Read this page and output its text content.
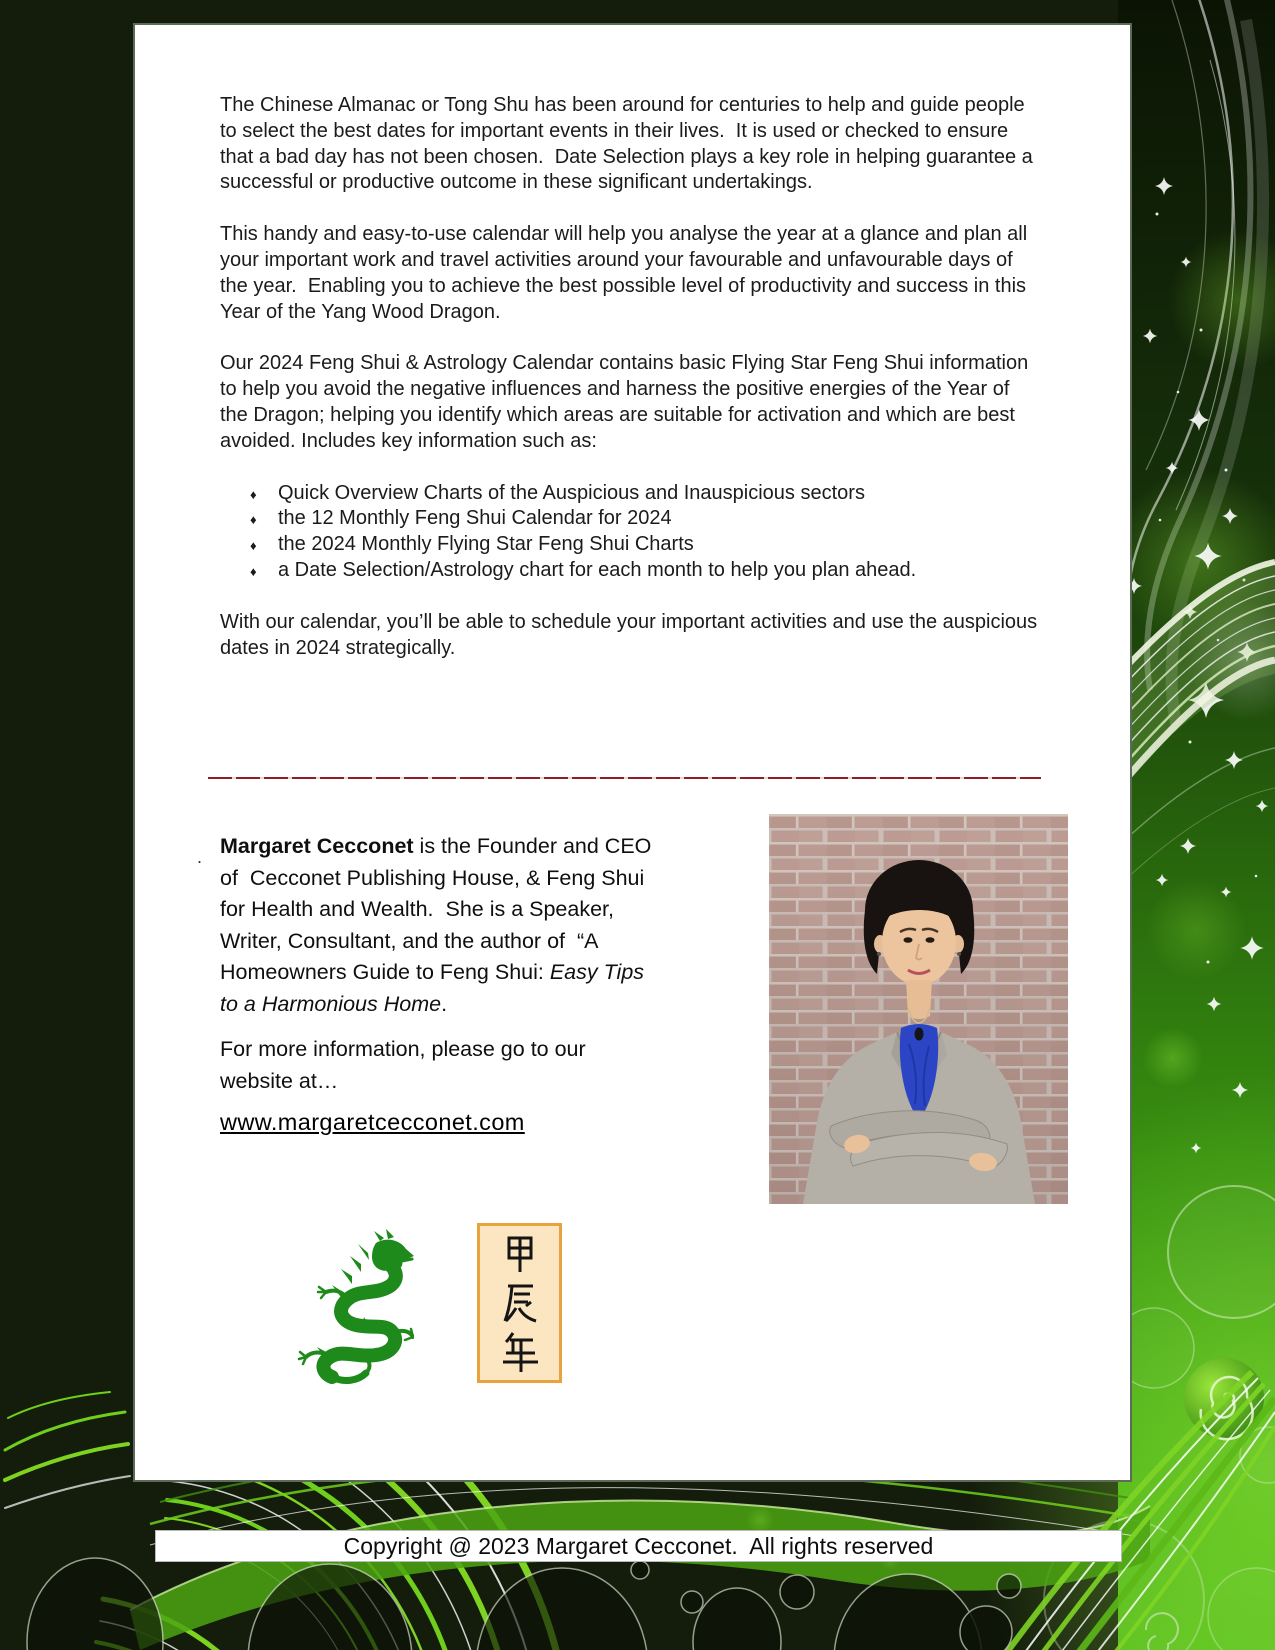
The Chinese Almanac or Tong Shu has been around for centuries to help and guide people to select the best dates for important events in their lives.  It is used or checked to ensure that a bad day has not been chosen.  Date Selection plays a key role in helping guarantee a successful or productive outcome in these significant undertakings.

This handy and easy-to-use calendar will help you analyse the year at a glance and plan all your important work and travel activities around your favourable and unfavourable days of the year.  Enabling you to achieve the best possible level of productivity and success in this Year of the Yang Wood Dragon.

Our 2024 Feng Shui & Astrology Calendar contains basic Flying Star Feng Shui information to help you avoid the negative influences and harness the positive energies of the Year of the Dragon; helping you identify which areas are suitable for activation and which are best avoided. Includes key information such as:

♦ Quick Overview Charts of the Auspicious and Inauspicious sectors
♦ the 12 Monthly Feng Shui Calendar for 2024
♦ the 2024 Monthly Flying Star Feng Shui Charts
♦ a Date Selection/Astrology chart for each month to help you plan ahead.

With our calendar, you’ll be able to schedule your important activities and use the auspicious dates in 2024 strategically.

. Margaret Cecconet is the Founder and CEO of  Cecconet Publishing House, & Feng Shui for Health and Wealth.  She is a Speaker, Writer, Consultant, and the author of  “A Homeowners Guide to Feng Shui: Easy Tips to a Harmonious Home.
For more information, please go to our website at…
www.margaretcecconet.com
Copyright @ 2023 Margaret Cecconet.  All rights reserved
